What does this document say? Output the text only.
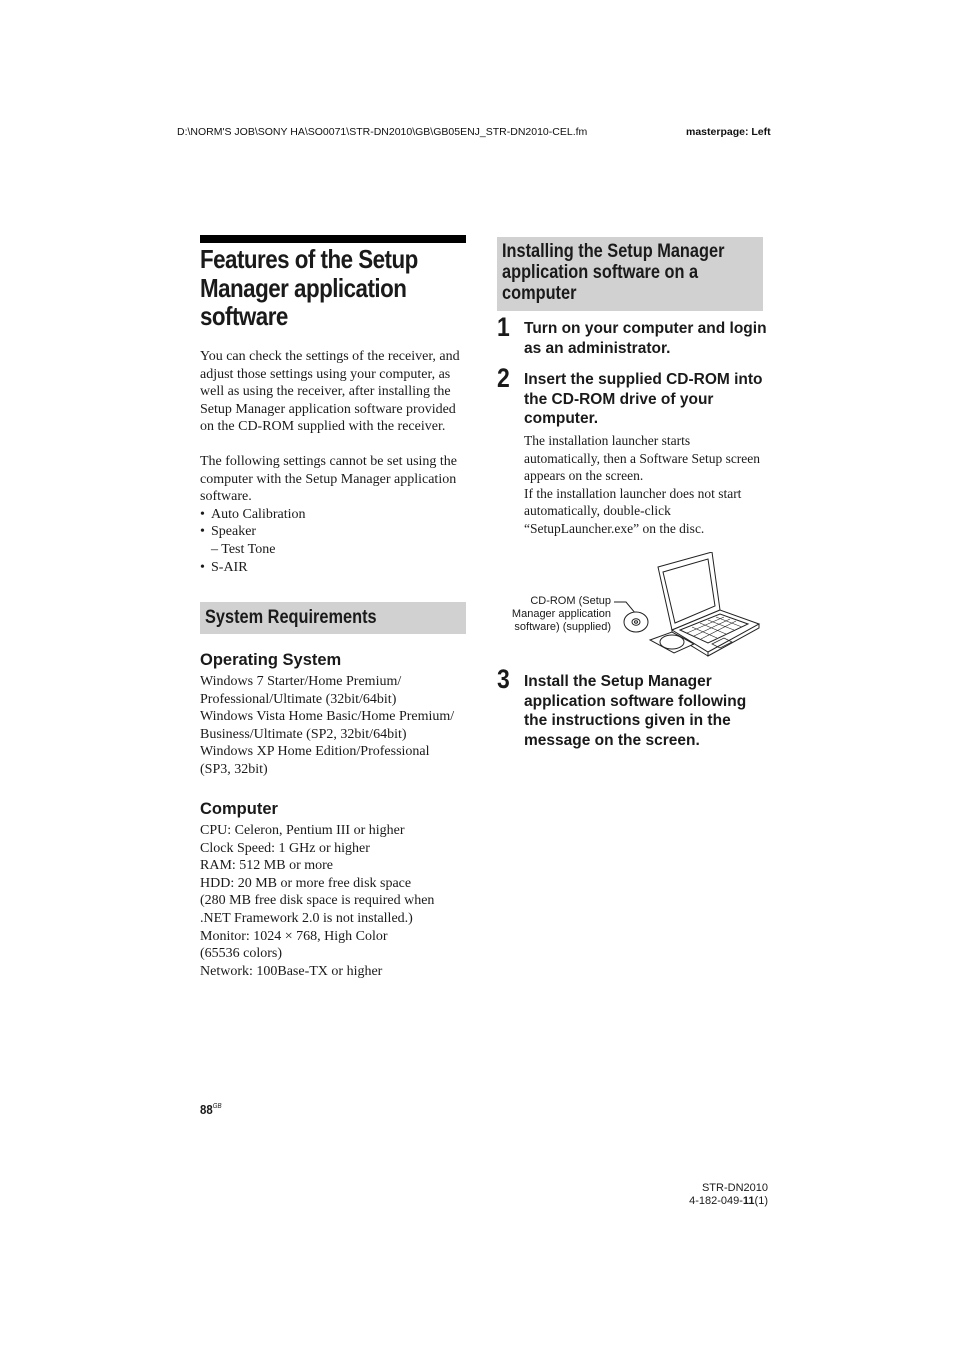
D:\NORM'S JOB\SONY HA\SO0071\STR-DN2010\GB\GB05ENJ_STR-DN2010-CEL.fm	masterpage: Left
Features of the Setup Manager application software
You can check the settings of the receiver, and adjust those settings using your computer, as well as using the receiver, after installing the Setup Manager application software provided on the CD-ROM supplied with the receiver.
The following settings cannot be set using the computer with the Setup Manager application software.
• Auto Calibration
• Speaker
– Test Tone
• S-AIR
System Requirements
Operating System
Windows 7 Starter/Home Premium/
Professional/Ultimate (32bit/64bit)
Windows Vista Home Basic/Home Premium/
Business/Ultimate (SP2, 32bit/64bit)
Windows XP Home Edition/Professional
(SP3, 32bit)
Computer
CPU: Celeron, Pentium III or higher
Clock Speed: 1 GHz or higher
RAM: 512 MB or more
HDD: 20 MB or more free disk space
(280 MB free disk space is required when
.NET Framework 2.0 is not installed.)
Monitor: 1024 × 768, High Color
(65536 colors)
Network: 100Base-TX or higher
Installing the Setup Manager application software on a computer
1 Turn on your computer and login as an administrator.
2 Insert the supplied CD-ROM into the CD-ROM drive of your computer.
The installation launcher starts automatically, then a Software Setup screen appears on the screen.
If the installation launcher does not start automatically, double-click “SetupLauncher.exe” on the disc.
CD-ROM (Setup
Manager application
software) (supplied)
3 Install the Setup Manager application software following the instructions given in the message on the screen.
$88^{GB}$
STR-DN2010
4-182-049-11(1)
